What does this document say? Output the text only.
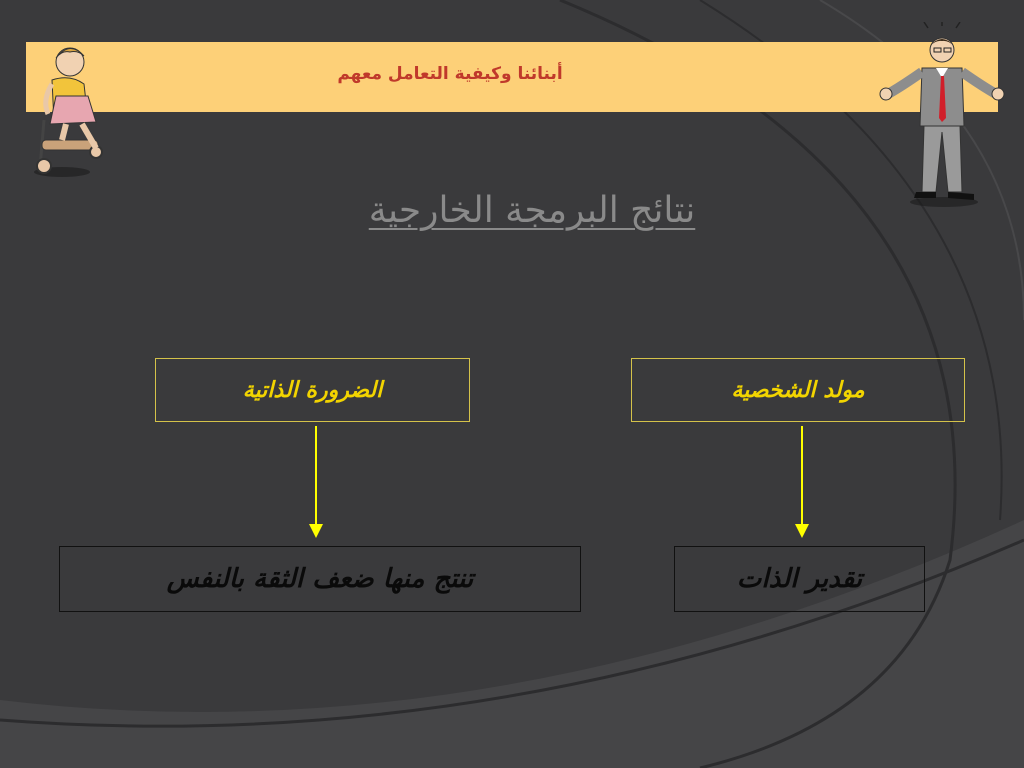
أبنائنا وكيفية التعامل معهم
نتائج البرمجة الخارجية
الضرورة الذاتية	مولد الشخصية
تنتج منها ضعف الثقة بالنفس	تقدير الذات
